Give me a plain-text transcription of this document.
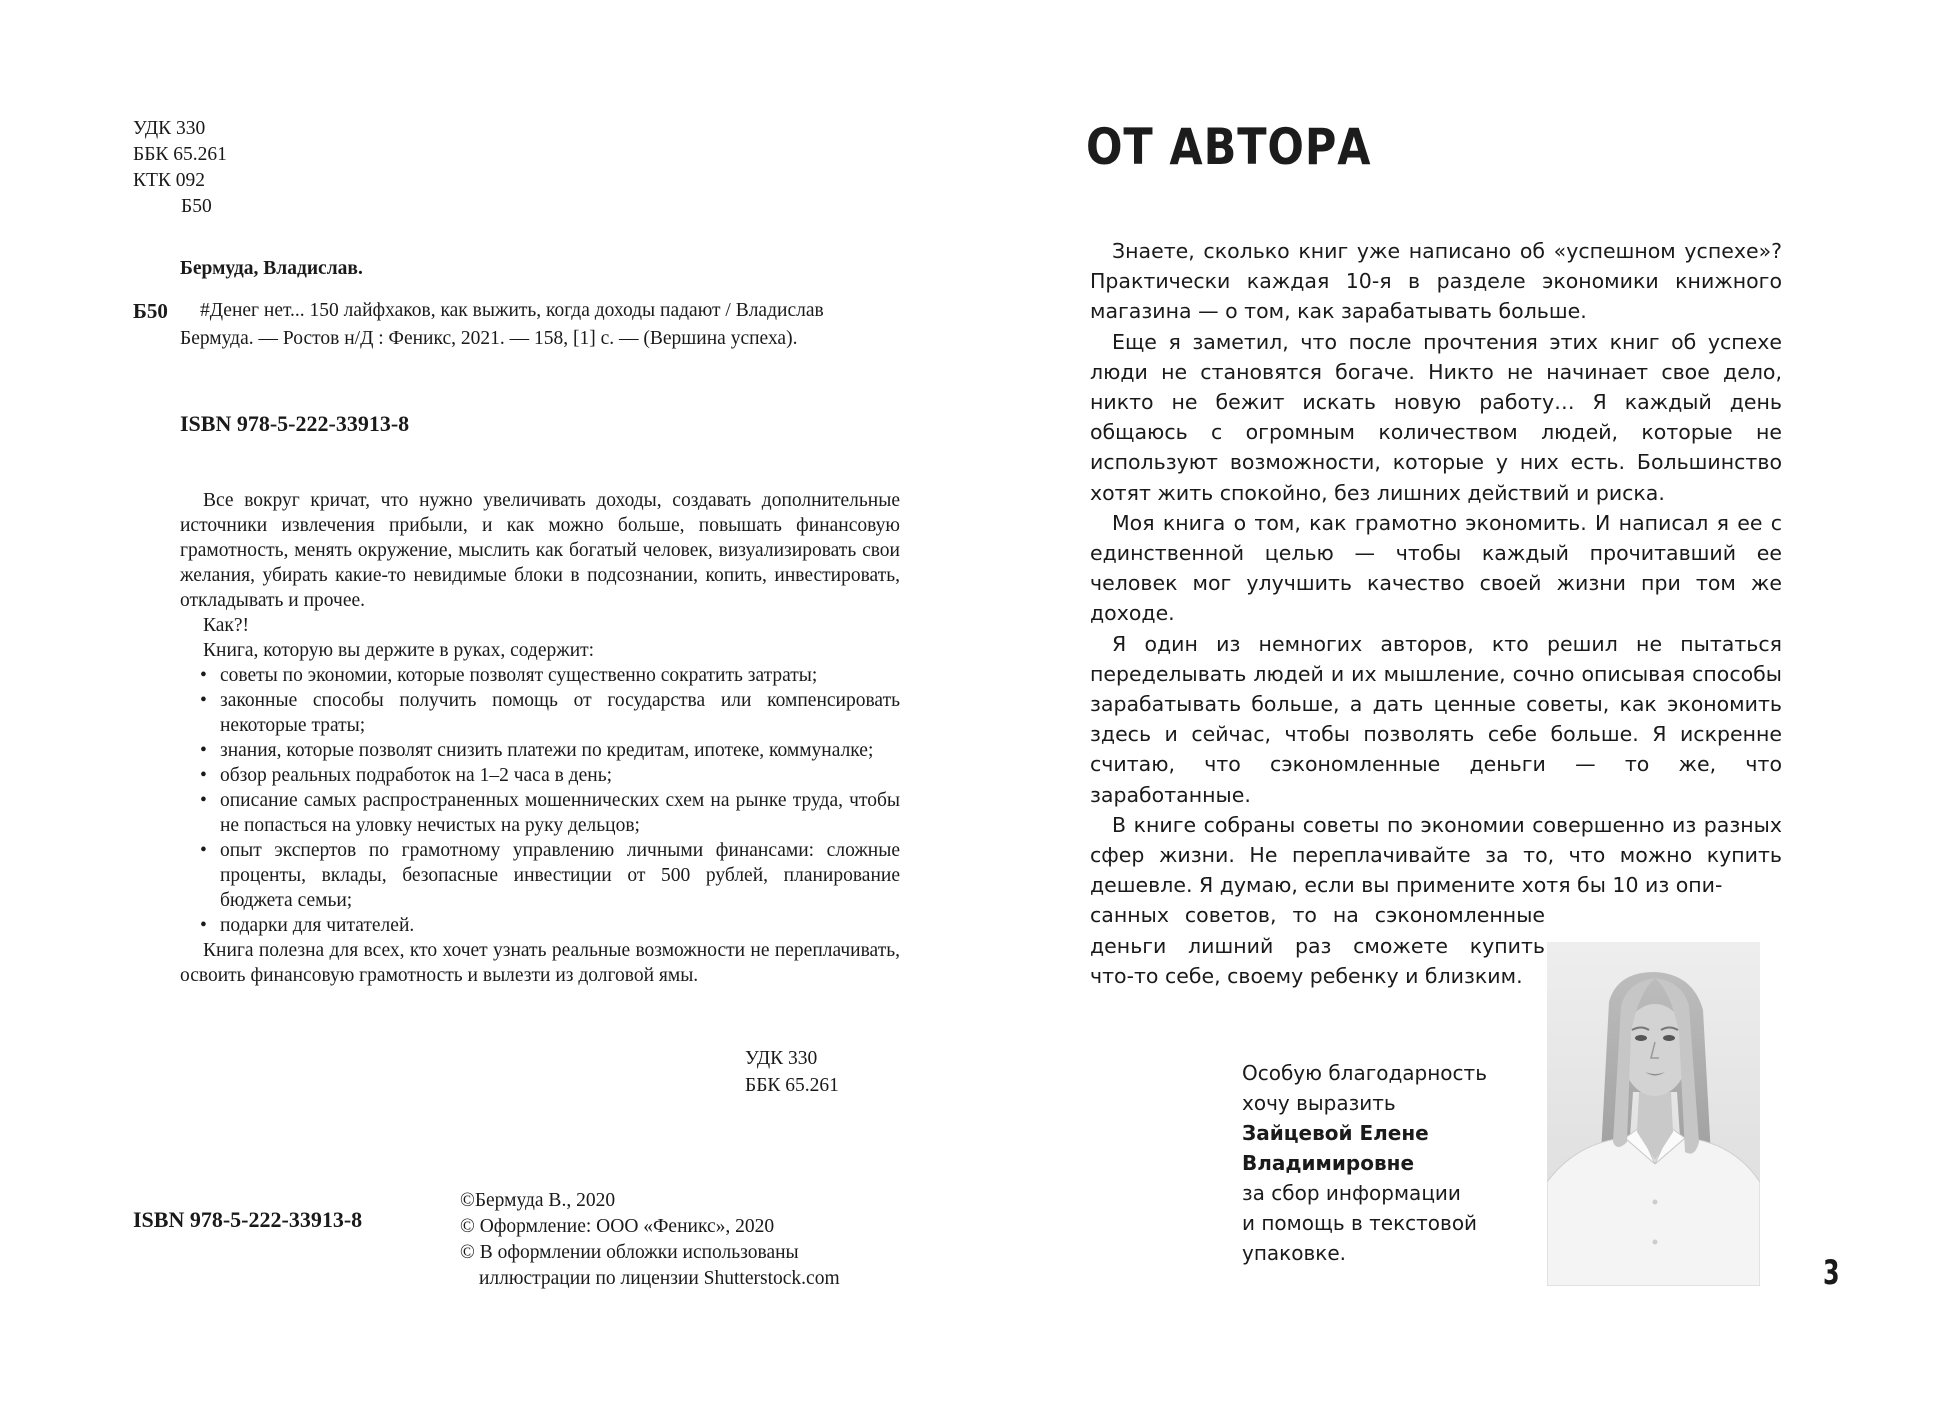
УДК 330
ББК 65.261
КТК 092
Б50
Бермуда, Владислав.
Б50	#Денег нет... 150 лайфхаков, как выжить, когда доходы падают / Владислав
Бермуда. — Ростов н/Д : Феникс, 2021. — 158, [1] с. — (Вершина успеха).
ISBN 978-5-222-33913-8

Все вокруг кричат, что нужно увеличивать доходы, создавать дополнительные источники извлечения прибыли, и как можно больше, повышать финансовую грамотность, менять окружение, мыслить как богатый человек, визуализировать свои желания, убирать какие-то невидимые блоки в подсознании, копить, инвестировать, откладывать и прочее.

Как?!

Книга, которую вы держите в руках, содержит:

• советы по экономии, которые позволят существенно сократить затраты;
• законные способы получить помощь от государства или компенсировать некоторые траты;
• знания, которые позволят снизить платежи по кредитам, ипотеке, коммуналке;
• обзор реальных подработок на 1–2 часа в день;
• описание самых распространенных мошеннических схем на рынке труда, чтобы не попасться на уловку нечистых на руку дельцов;
• опыт экспертов по грамотному управлению личными финансами: сложные проценты, вклады, безопасные инвестиции от 500 рублей, планирование бюджета семьи;
• подарки для читателей.

Книга полезна для всех, кто хочет узнать реальные возможности не переплачивать, освоить финансовую грамотность и вылезти из долговой ямы.

УДК 330
ББК 65.261
ISBN 978-5-222-33913-8
©Бермуда В., 2020
© Оформление: ООО «Феникс», 2020
© В оформлении обложки использованы
иллюстрации по лицензии Shutterstock.com
ОТ АВТОРА

Знаете, сколько книг уже написано об «успешном успехе»? Практически каждая 10-я в разделе экономики книжного магазина — о том, как зарабатывать больше.

Еще я заметил, что после прочтения этих книг об успехе люди не становятся богаче. Никто не начинает свое дело, никто не бежит искать новую работу… Я каждый день общаюсь с огромным количеством людей, которые не используют возможности, которые у них есть. Большинство хотят жить спокойно, без лишних действий и риска.

Моя книга о том, как грамотно экономить. И написал я ее с единственной целью — чтобы каждый прочитавший ее человек мог улучшить качество своей жизни при том же доходе.

Я один из немногих авторов, кто решил не пытаться переделывать людей и их мышление, сочно описывая способы зарабатывать больше, а дать ценные советы, как экономить здесь и сейчас, чтобы позволять себе больше. Я искренне считаю, что сэкономленные деньги — то же, что заработанные.

В книге собраны советы по экономии совершенно из разных сфер жизни. Не переплачивайте за то, что можно купить дешевле. Я думаю, если вы примените хотя бы 10 из опи-

санных советов, то на сэкономленные
деньги лишний раз сможете купить
что-то себе, своему ребенку и близким.
Особую благодарность
хочу выразить
Зайцевой Елене
Владимировне
за сбор информации
и помощь в текстовой
упаковке.	3
